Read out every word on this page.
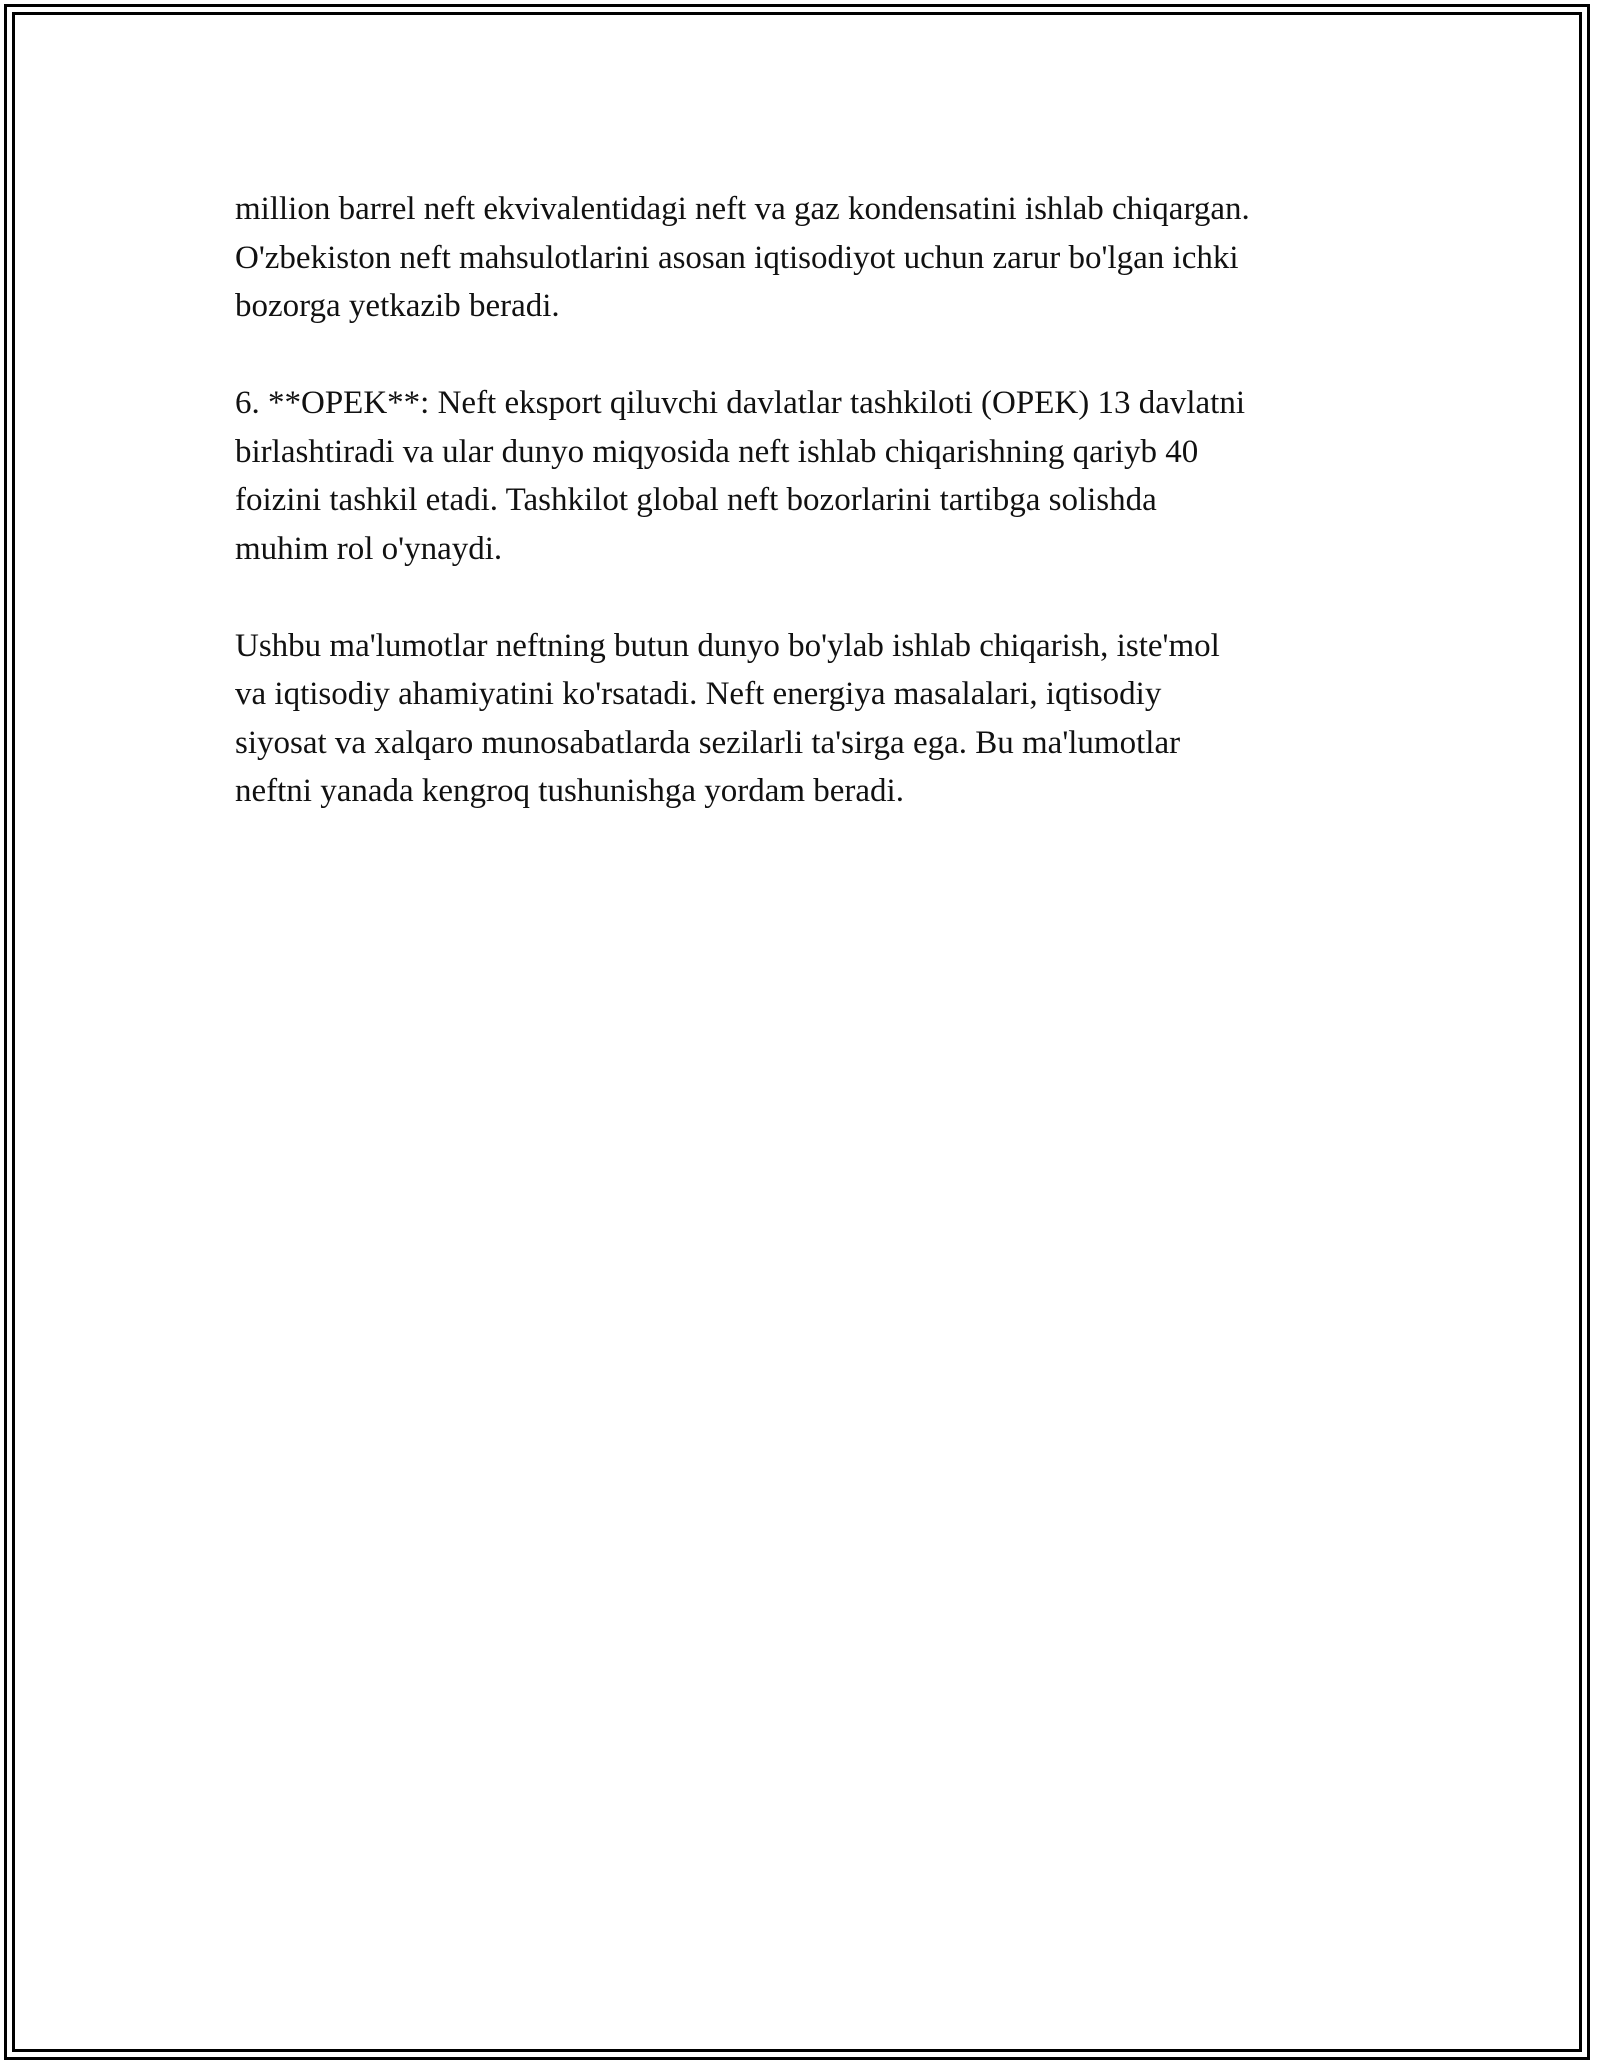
million barrel neft ekvivalentidagi neft va gaz kondensatini ishlab chiqargan.
O'zbekiston neft mahsulotlarini asosan iqtisodiyot uchun zarur bo'lgan ichki
bozorga yetkazib beradi.

6. **OPEK**: Neft eksport qiluvchi davlatlar tashkiloti (OPEK) 13 davlatni
birlashtiradi va ular dunyo miqyosida neft ishlab chiqarishning qariyb 40
foizini tashkil etadi. Tashkilot global neft bozorlarini tartibga solishda
muhim rol o'ynaydi.

Ushbu ma'lumotlar neftning butun dunyo bo'ylab ishlab chiqarish, iste'mol
va iqtisodiy ahamiyatini ko'rsatadi. Neft energiya masalalari, iqtisodiy
siyosat va xalqaro munosabatlarda sezilarli ta'sirga ega. Bu ma'lumotlar
neftni yanada kengroq tushunishga yordam beradi.
